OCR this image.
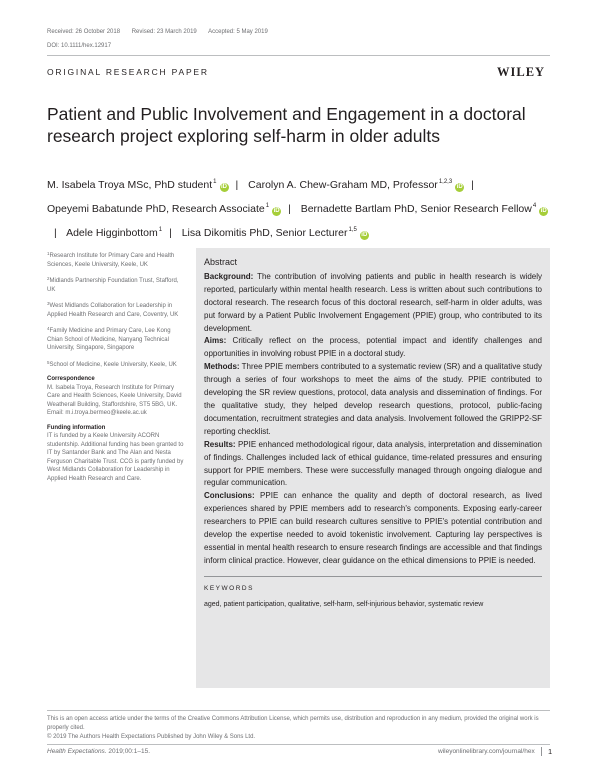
Received: 26 October 2018 Revised: 23 March 2019 Accepted: 5 May 2019
DOI: 10.1111/hex.12917
ORIGINAL RESEARCH PAPER	WILEY
Patient and Public Involvement and Engagement in a doctoral research project exploring self-harm in older adults
M. Isabela Troya MSc, PhD student$^1$iD | Carolyn A. Chew-Graham MD, Professor$^{1,2,3}$iD |
Opeyemi Babatunde PhD, Research Associate$^1$iD | Bernadette Bartlam PhD, Senior Research Fellow$^4$iD| Adele Higginbottom$^1$ | Lisa Dikomitis PhD, Senior Lecturer$^{1,5}$iD

$^1$Research Institute for Primary Care and Health Sciences, Keele University, Keele, UK

$^2$Midlands Partnership Foundation Trust, Stafford, UK

$^3$West Midlands Collaboration for Leadership in Applied Health Research and Care, Coventry, UK

$^4$Family Medicine and Primary Care, Lee Kong Chian School of Medicine, Nanyang Technical University, Singapore, Singapore

$^5$School of Medicine, Keele University, Keele, UK

Correspondence

M. Isabela Troya, Research Institute for Primary Care and Health Sciences, Keele University, David Weatherall Building, Staffordshire, ST5 5BG, UK.
Email: m.i.troya.bermeo@keele.ac.uk

Funding information

IT is funded by a Keele University ACORN studentship. Additional funding has been granted to IT by Santander Bank and The Alan and Nesta Ferguson Charitable Trust. CCG is partly funded by West Midlands Collaboration for Leadership in Applied Health Research and Care.

Abstract

Background: The contribution of involving patients and public in health research is widely reported, particularly within mental health research. Less is written about such contributions to doctoral research. The research focus of this doctoral research, self-harm in older adults, was put forward by a Patient Public Involvement Engagement (PPIE) group, who contributed to its development.

Aims: Critically reflect on the process, potential impact and identify challenges and opportunities in involving robust PPIE in a doctoral study.

Methods: Three PPIE members contributed to a systematic review (SR) and a qualitative study through a series of four workshops to meet the aims of the study. PPIE contributed to developing the SR review questions, protocol, data analysis and dissemination of findings. For the qualitative study, they helped develop research questions, protocol, public-facing documentation, recruitment strategies and data analysis. Involvement followed the GRIPP2-SF reporting checklist.

Results: PPIE enhanced methodological rigour, data analysis, interpretation and dissemination of findings. Challenges included lack of ethical guidance, time-related pressures and ensuring support for PPIE members. These were successfully managed through ongoing dialogue and regular communication.

Conclusions: PPIE can enhance the quality and depth of doctoral research, as lived experiences shared by PPIE members add to research's components. Exposing early-career researchers to PPIE can build research cultures sensitive to PPIE's potential contribution and develop the expertise needed to avoid tokenistic involvement. Capturing lay perspectives is essential in mental health research to ensure research findings are accessible and that findings inform clinical practice. However, clear guidance on the ethical dimensions to PPIE is needed.

KEYWORDS
aged, patient participation, qualitative, self-harm, self-injurious behavior, systematic review
This is an open access article under the terms of the Creative Commons Attribution License, which permits use, distribution and reproduction in any medium, provided the original work is properly cited.
© 2019 The Authors Health Expectations Published by John Wiley & Sons Ltd.
Health Expectations. 2019;00:1–15.	wileyonlinelibrary.com/journal/hex	1
